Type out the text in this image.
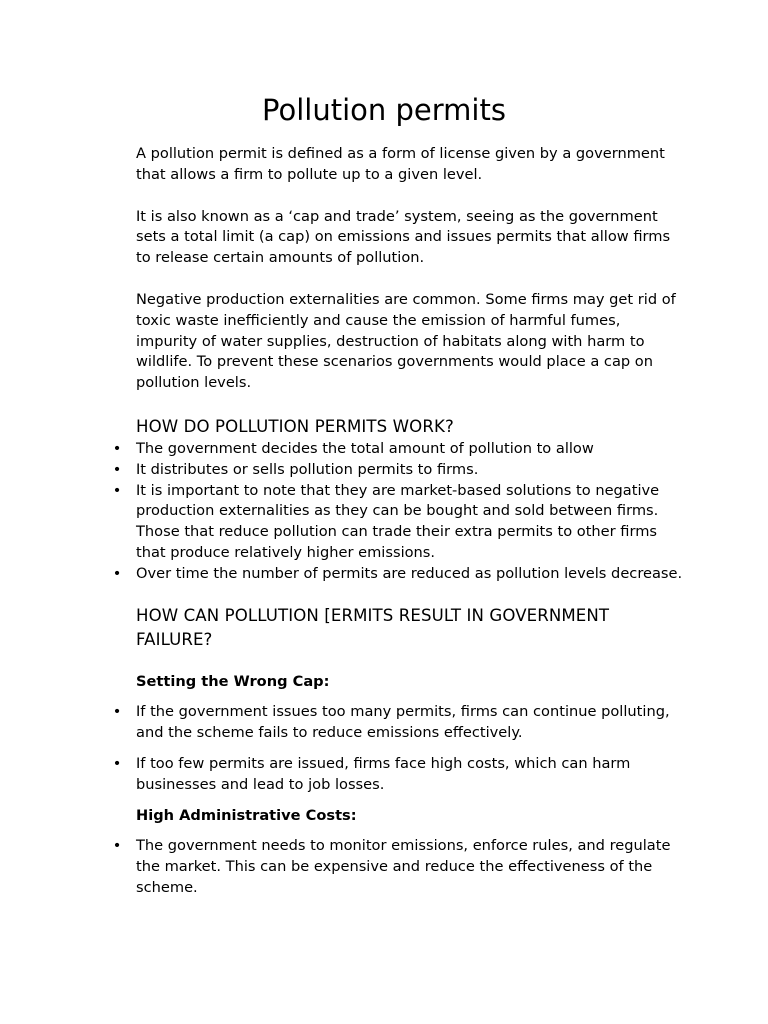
Pollution permits

A pollution permit is defined as a form of license given by a government that allows a firm to pollute up to a given level.

It is also known as a ‘cap and trade’ system, seeing as the government sets a total limit (a cap) on emissions and issues permits that allow firms to release certain amounts of pollution.

Negative production externalities are common. Some firms may get rid of toxic waste inefficiently and cause the emission of harmful fumes, impurity of water supplies, destruction of habitats along with harm to wildlife. To prevent these scenarios governments would place a cap on pollution levels.

HOW DO POLLUTION PERMITS WORK?
• The government decides the total amount of pollution to allow
• It distributes or sells pollution permits to firms.
• It is important to note that they are market-based solutions to negative production externalities as they can be bought and sold between firms. Those that reduce pollution can trade their extra permits to other firms that produce relatively higher emissions.
• Over time the number of permits are reduced as pollution levels decrease.
HOW CAN POLLUTION [ERMITS RESULT IN GOVERNMENT FAILURE?

Setting the Wrong Cap:

• If the government issues too many permits, firms can continue polluting, and the scheme fails to reduce emissions effectively.
• If too few permits are issued, firms face high costs, which can harm businesses and lead to job losses.

High Administrative Costs:

• The government needs to monitor emissions, enforce rules, and regulate the market. This can be expensive and reduce the effectiveness of the scheme.
